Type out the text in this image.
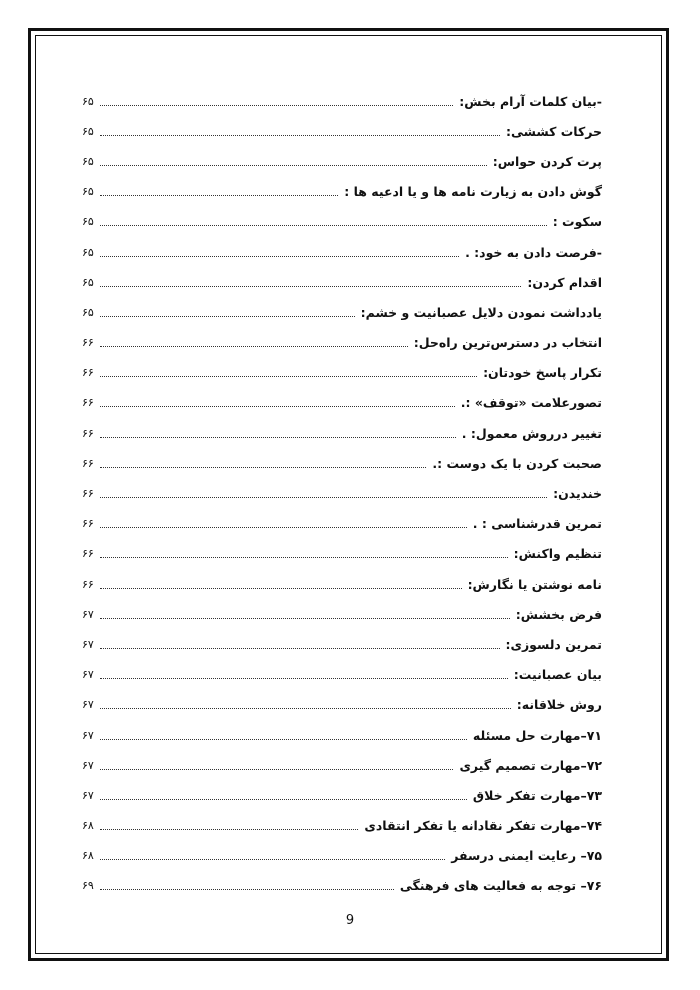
-بیان کلمات آرام بخش:
۶۵
حرکات کششی:
۶۵
پرت کردن حواس:
۶۵
گوش دادن به زیارت نامه ها و یا ادعیه ها :
۶۵
سکوت :
۶۵
-فرصت دادن به خود: .
۶۵
اقدام کردن:
۶۵
یادداشت نمودن دلایل عصبانیت و خشم:
۶۵
انتخاب در دسترس‌ترین راه‌حل:
۶۶
تکرار پاسخ خودتان:
۶۶
تصورعلامت «توقف» :.
۶۶
تغییر درروش معمول: .
۶۶
صحبت کردن با یک دوست :.
۶۶
خندیدن:
۶۶
تمرین قدرشناسی : .
۶۶
تنظیم واکنش:
۶۶
نامه نوشتن یا نگارش:
۶۶
فرض بخشش:
۶۷
تمرین دلسوزی:
۶۷
بیان عصبانیت:
۶۷
روش خلاقانه:
۶۷
۷۱–مهارت حل مسئله
۶۷
۷۲–مهارت تصمیم گیری
۶۷
۷۳–مهارت تفکر خلاق
۶۷
۷۴–مهارت تفکر نقادانه یا تفکر انتقادی
۶۸
۷۵– رعایت ایمنی درسفر
۶۸
۷۶– توجه به فعالیت های فرهنگی
۶۹
9
